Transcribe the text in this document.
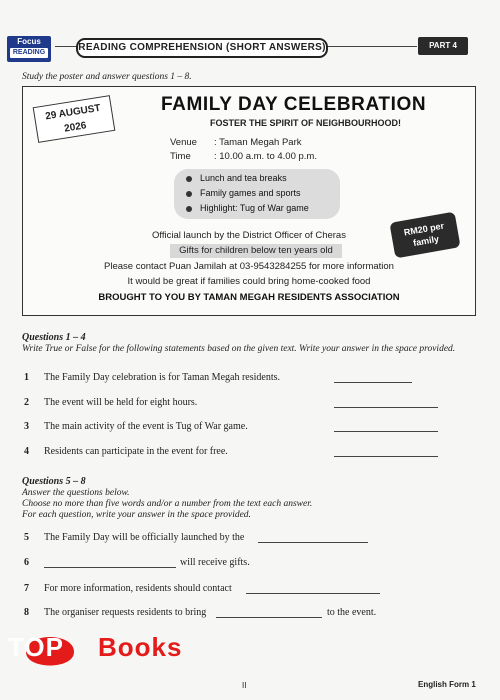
Focus
READING	READING COMPREHENSION (SHORT ANSWERS)	PART 4
Study the poster and answer questions 1 – 8.
29 AUGUST
2026
FAMILY DAY CELEBRATION
FOSTER THE SPIRIT OF NEIGHBOURHOOD!
Venue : Taman Megah Park
Time : 10.00 a.m. to 4.00 p.m.
Lunch and tea breaks
Family games and sports
Highlight: Tug of War game
Official launch by the District Officer of Cheras
Gifts for children below ten years old
Please contact Puan Jamilah at 03-9543284255 for more information
It would be great if families could bring home-cooked food
BROUGHT TO YOU BY TAMAN MEGAH RESIDENTS ASSOCIATION
RM20 per
family
Questions 1 – 4
Write True or False for the following statements based on the given text. Write your answer in the space provided.
1 The Family Day celebration is for Taman Megah residents.
2 The event will be held for eight hours.
3 The main activity of the event is Tug of War game.
4 Residents can participate in the event for free.
Questions 5 – 8
Answer the questions below.
Choose no more than five words and/or a number from the text each answer.
For each question, write your answer in the space provided.
5 The Family Day will be officially launched by the
6	will receive gifts.
7 For more information, residents should contact
8 The organiser requests residents to bring	to the event.
TOP Books
II	English Form 1
